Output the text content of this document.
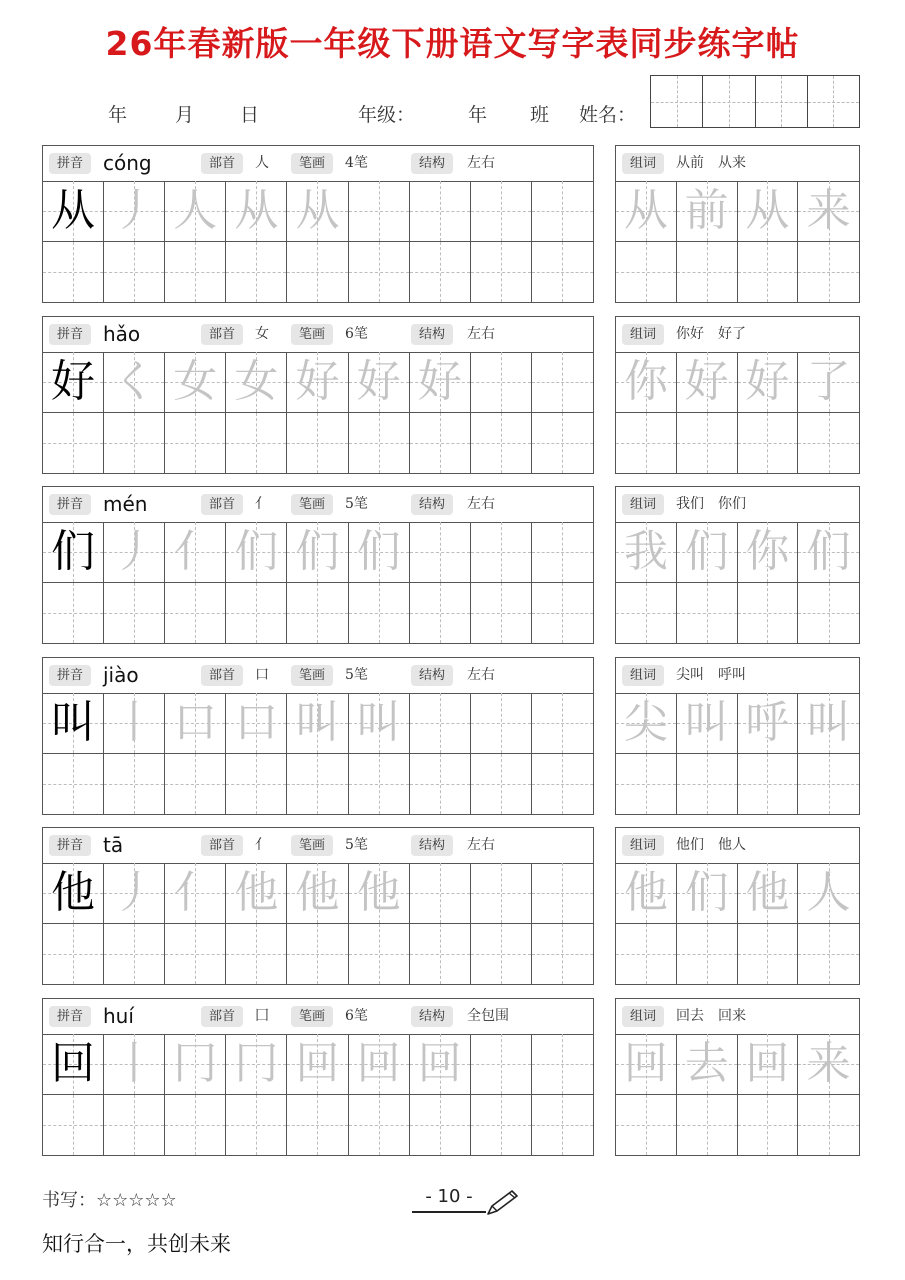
26年春新版一年级下册语文写字表同步练字帖
年	月 日	年级：	年 班 姓名：
拼音 cóng	部首	人	笔画	4笔	结构	左右
从 丿 人 从 从
组词	从前　从来
从 前 从 来
拼音 hǎo	部首	女	笔画	6笔	结构	左右
好 く 女 女 好 好 好
组词	你好　好了
你 好 好 了
拼音 mén	部首	亻	笔画	5笔	结构	左右
们 丿 亻 们 们 们
组词	我们　你们
我 们 你 们
拼音 jiào	部首	口	笔画	5笔	结构	左右
叫 丨 口 口 叫 叫
组词	尖叫　呼叫
尖 叫 呼 叫
拼音 tā	部首	亻	笔画	5笔	结构	左右
他 丿 亻 他 他 他
组词	他们　他人
他 们 他 人
拼音 huí	部首	囗	笔画	6笔	结构	全包围
回 丨 冂 冂 回 回 回
组词	回去　回来
回 去 回 来
书写：☆☆☆☆☆	- 10 -
知行合一，共创未来
